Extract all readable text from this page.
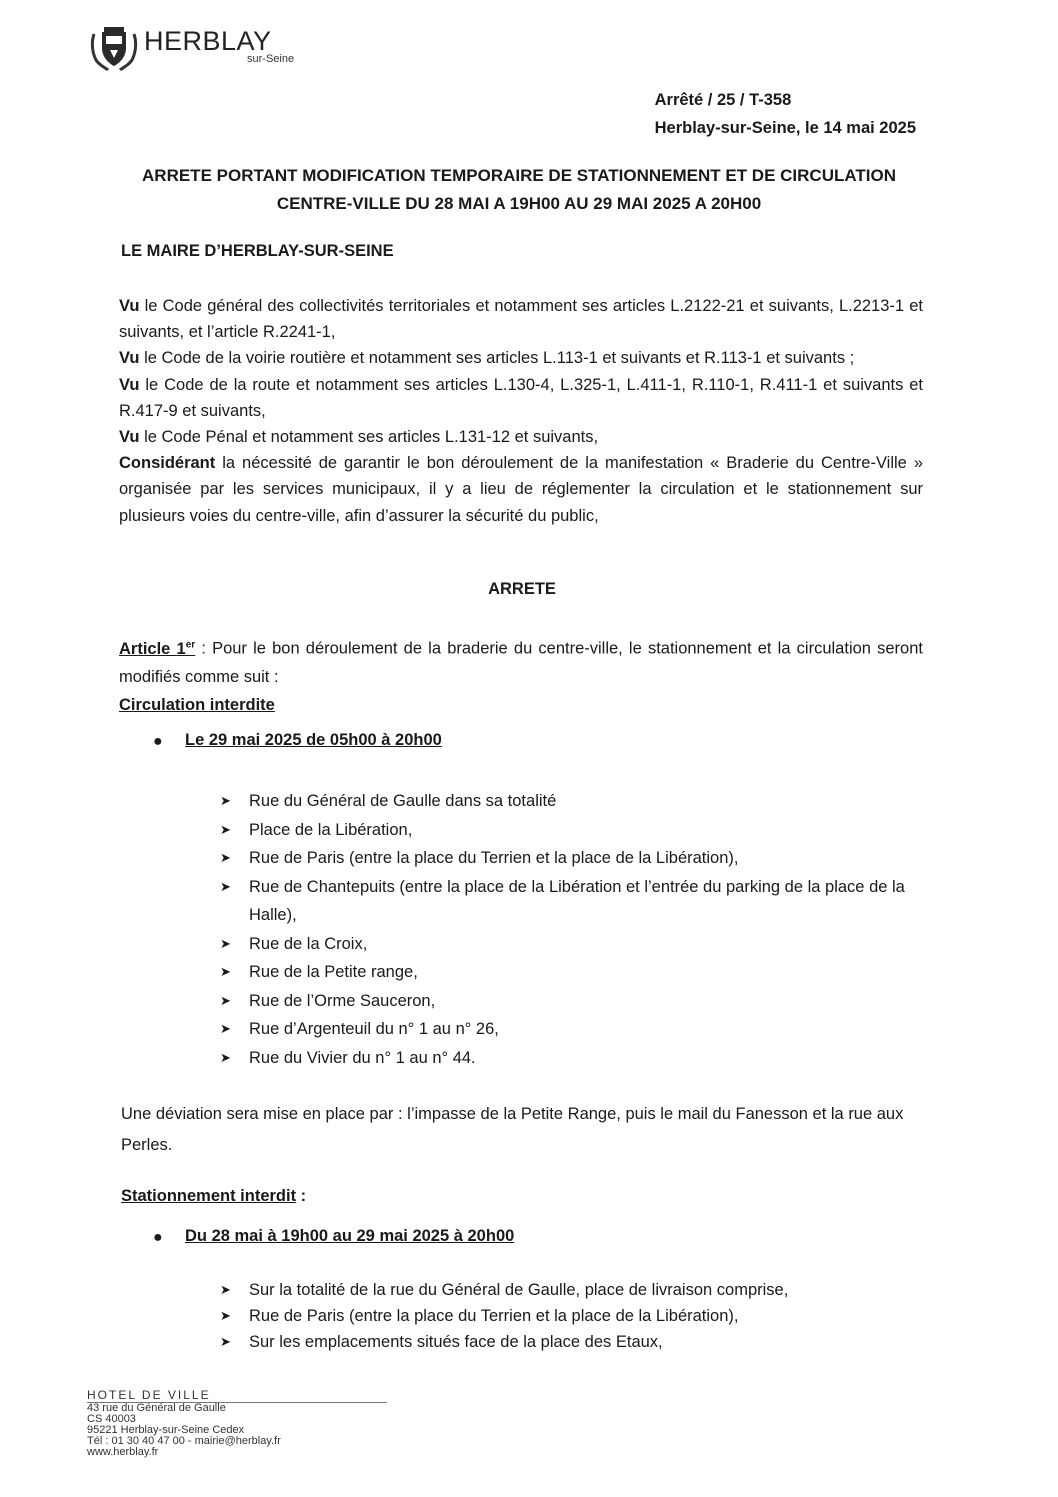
HERBLAY
sur-Seine
Arrêté / 25 / T-358
Herblay-sur-Seine, le 14 mai 2025
ARRETE PORTANT MODIFICATION TEMPORAIRE DE STATIONNEMENT ET DE CIRCULATION
CENTRE-VILLE DU 28 MAI A 19H00 AU 29 MAI 2025 A 20H00
LE MAIRE D’HERBLAY-SUR-SEINE

Vu le Code général des collectivités territoriales et notamment ses articles L.2122-21 et suivants, L.2213-1 et suivants, et l’article R.2241-1,

Vu le Code de la voirie routière et notamment ses articles L.113-1 et suivants et R.113-1 et suivants ;

Vu le Code de la route et notamment ses articles L.130-4, L.325-1, L.411-1, R.110-1, R.411-1 et suivants et R.417-9 et suivants,

Vu le Code Pénal et notamment ses articles L.131-12 et suivants,

Considérant la nécessité de garantir le bon déroulement de la manifestation « Braderie du Centre-Ville » organisée par les services municipaux, il y a lieu de réglementer la circulation et le stationnement sur plusieurs voies du centre-ville, afin d’assurer la sécurité du public,

ARRETE

Article 1er : Pour le bon déroulement de la braderie du centre-ville, le stationnement et la circulation seront modifiés comme suit :

Circulation interdite

● Le 29 mai 2025 de 05h00 à 20h00
➤ Rue du Général de Gaulle dans sa totalité
➤ Place de la Libération,
➤ Rue de Paris (entre la place du Terrien et la place de la Libération),
➤ Rue de Chantepuits (entre la place de la Libération et l’entrée du parking de la place de la Halle),
➤ Rue de la Croix,
➤ Rue de la Petite range,
➤ Rue de l’Orme Sauceron,
➤ Rue d’Argenteuil du n° 1 au n° 26,
➤ Rue du Vivier du n° 1 au n° 44.
Une déviation sera mise en place par : l’impasse de la Petite Range, puis le mail du Fanesson et la rue aux Perles.
Stationnement interdit :
● Du 28 mai à 19h00 au 29 mai 2025 à 20h00
➤ Sur la totalité de la rue du Général de Gaulle, place de livraison comprise,
➤ Rue de Paris (entre la place du Terrien et la place de la Libération),
➤ Sur les emplacements situés face de la place des Etaux,
HOTEL DE VILLE
43 rue du Général de Gaulle
CS 40003
95221 Herblay-sur-Seine Cedex
Tél : 01 30 40 47 00 - mairie@herblay.fr
www.herblay.fr
